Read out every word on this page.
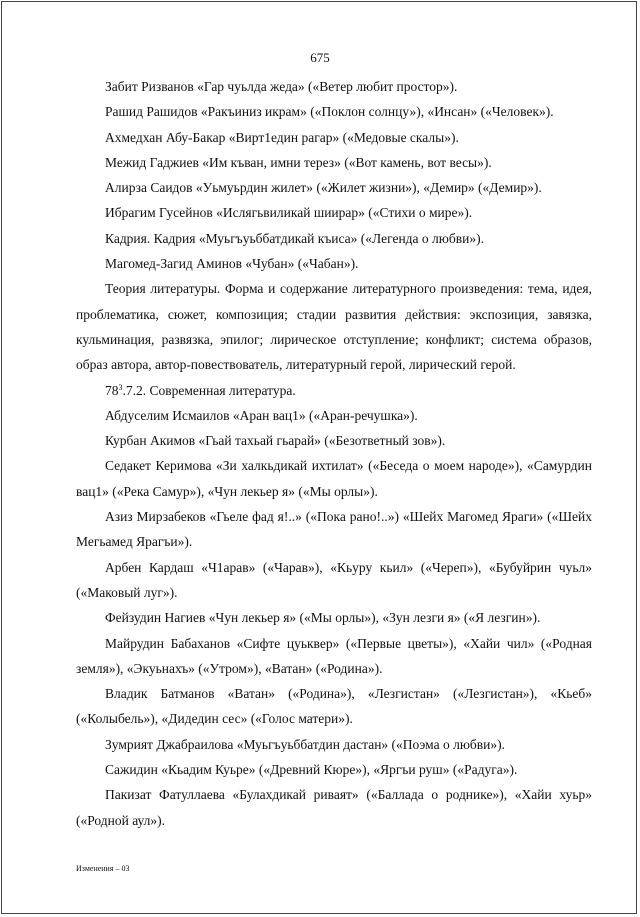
675

Забит Ризванов «Гар чуьлда жеда» («Ветер любит простор»).

Рашид Рашидов «Ракъиниз икрам» («Поклон солнцу»), «Инсан» («Человек»).

Ахмедхан Абу-Бакар «Вирт1един рагар» («Медовые скалы»).

Межид Гаджиев «Им къван, имни терез» («Вот камень, вот весы»).

Алирза Саидов «Уьмуьрдин жилет» («Жилет жизни»), «Демир» («Демир»).

Ибрагим Гусейнов «Ислягьвиликай шиирар» («Стихи о мире»).

Кадрия. Кадрия «Муьгъуьббатдикай къиса» («Легенда о любви»).

Магомед-Загид Аминов «Чубан» («Чабан»).

Теория литературы. Форма и содержание литературного произведения: тема, идея, проблематика, сюжет, композиция; стадии развития действия: экспозиция, завязка, кульминация, развязка, эпилог; лирическое отступление; конфликт; система образов, образ автора, автор-повествователь, литературный герой, лирический герой.

$78^3.7.2$. Современная литература.

Абдуселим Исмаилов «Аран вац1» («Аран-речушка»).

Курбан Акимов «Гьай тахьай гьарай» («Безответный зов»).

Седакет Керимова «Зи халкьдикай ихтилат» («Беседа о моем народе»), «Самурдин вац1» («Река Самур»), «Чун лекьер я» («Мы орлы»).

Азиз Мирзабеков «Гьеле фад я!..» («Пока рано!..») «Шейх Магомед Яраги» («Шейх Мегьамед Ярагъи»).

Арбен Кардаш «Ч1арав» («Чарав»), «Кьуру кьил» («Череп»), «Бубуйрин чуьл» («Маковый луг»).

Фейзудин Нагиев «Чун лекьер я» («Мы орлы»), «Зун лезги я» («Я лезгин»).

Майрудин Бабаханов «Сифте цуьквер» («Первые цветы»), «Хайи чил» («Родная земля»), «Экуьнахъ» («Утром»), «Ватан» («Родина»).

Владик Батманов «Ватан» («Родина»), «Лезгистан» («Лезгистан»), «Кьеб» («Колыбель»), «Дидедин сес» («Голос матери»).

Зумрият Джабраилова «Муьгъуьббатдин дастан» («Поэма о любви»).

Сажидин «Кьадим Куьре» («Древний Кюре»), «Яргъи руш» («Радуга»).

Пакизат Фатуллаева «Булахдикай риваят» («Баллада о роднике»), «Хайи хуьр» («Родной аул»).

Изменения – 03
